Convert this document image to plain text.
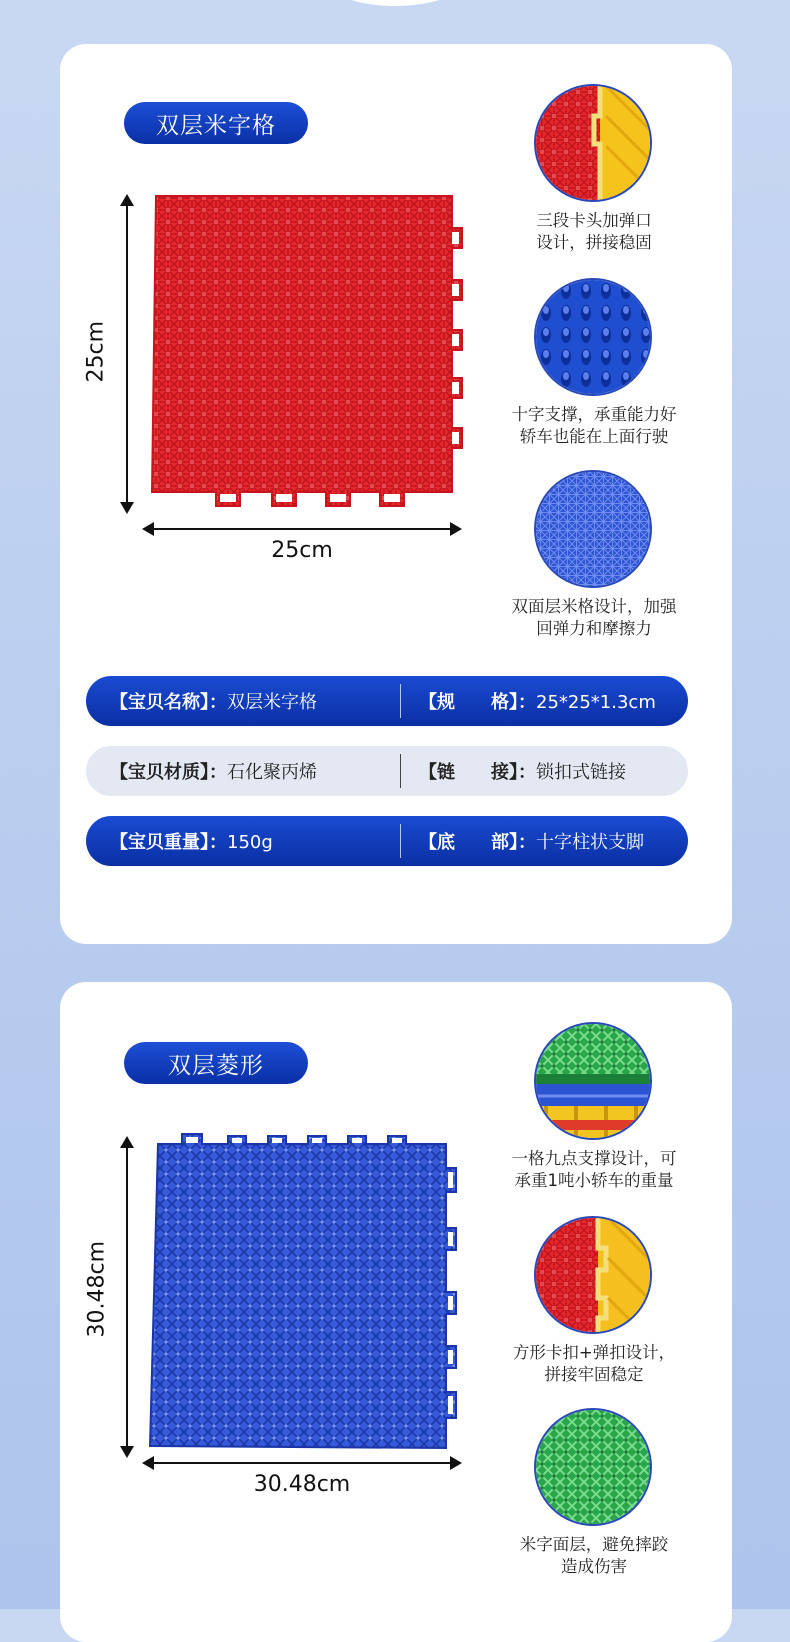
双层米字格
25cm
25cm
三段卡头加弹口
设计，拼接稳固
十字支撑，承重能力好
轿车也能在上面行驶
双面层米格设计，加强
回弹力和摩擦力
【宝贝名称】：双层米字格	【规　　格】：25*25*1.3cm
【宝贝材质】：石化聚丙烯	【链　　接】：锁扣式链接
【宝贝重量】：150g	【底　　部】：十字柱状支脚
双层菱形
30.48cm
30.48cm
一格九点支撑设计，可
承重1吨小轿车的重量
方形卡扣+弹扣设计，
拼接牢固稳定
米字面层，避免摔跤
造成伤害
